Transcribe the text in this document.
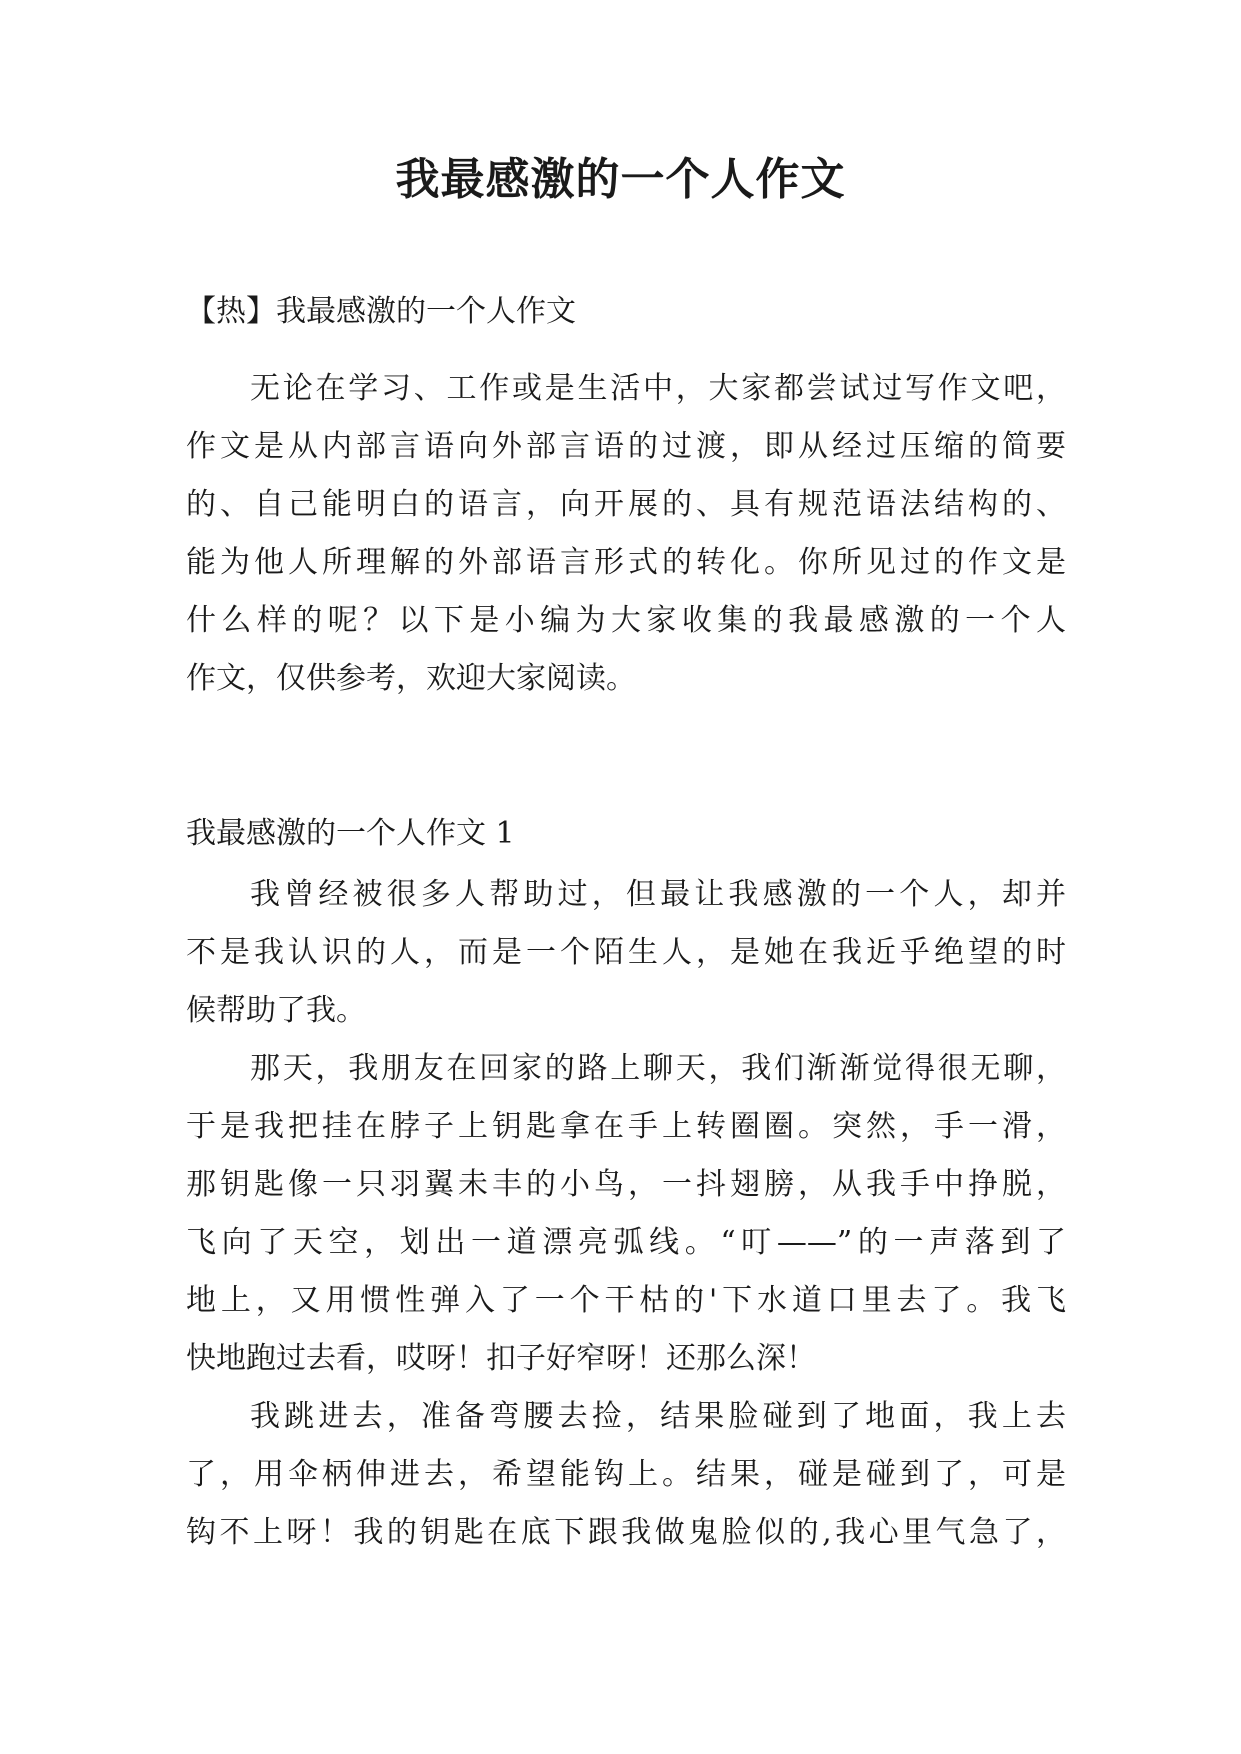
我最感激的一个人作文
【热】我最感激的一个人作文
无论在学习、工作或是生活中，大家都尝试过写作文吧，
作文是从内部言语向外部言语的过渡，即从经过压缩的简要
的、自己能明白的语言，向开展的、具有规范语法结构的、
能为他人所理解的外部语言形式的转化。你所见过的作文是
什么样的呢？以下是小编为大家收集的我最感激的一个人
作文，仅供参考，欢迎大家阅读。
我最感激的一个人作文 1
我曾经被很多人帮助过，但最让我感激的一个人，却并
不是我认识的人，而是一个陌生人，是她在我近乎绝望的时
候帮助了我。
那天，我朋友在回家的路上聊天，我们渐渐觉得很无聊，
于是我把挂在脖子上钥匙拿在手上转圈圈。突然，手一滑，
那钥匙像一只羽翼未丰的小鸟，一抖翅膀，从我手中挣脱，
飞向了天空，划出一道漂亮弧线。“叮——”的一声落到了
地上，又用惯性弹入了一个干枯的'下水道口里去了。我飞
快地跑过去看，哎呀！扣子好窄呀！还那么深！
我跳进去，准备弯腰去捡，结果脸碰到了地面，我上去
了，用伞柄伸进去，希望能钩上。结果，碰是碰到了，可是
钩不上呀！我的钥匙在底下跟我做鬼脸似的,我心里气急了，
